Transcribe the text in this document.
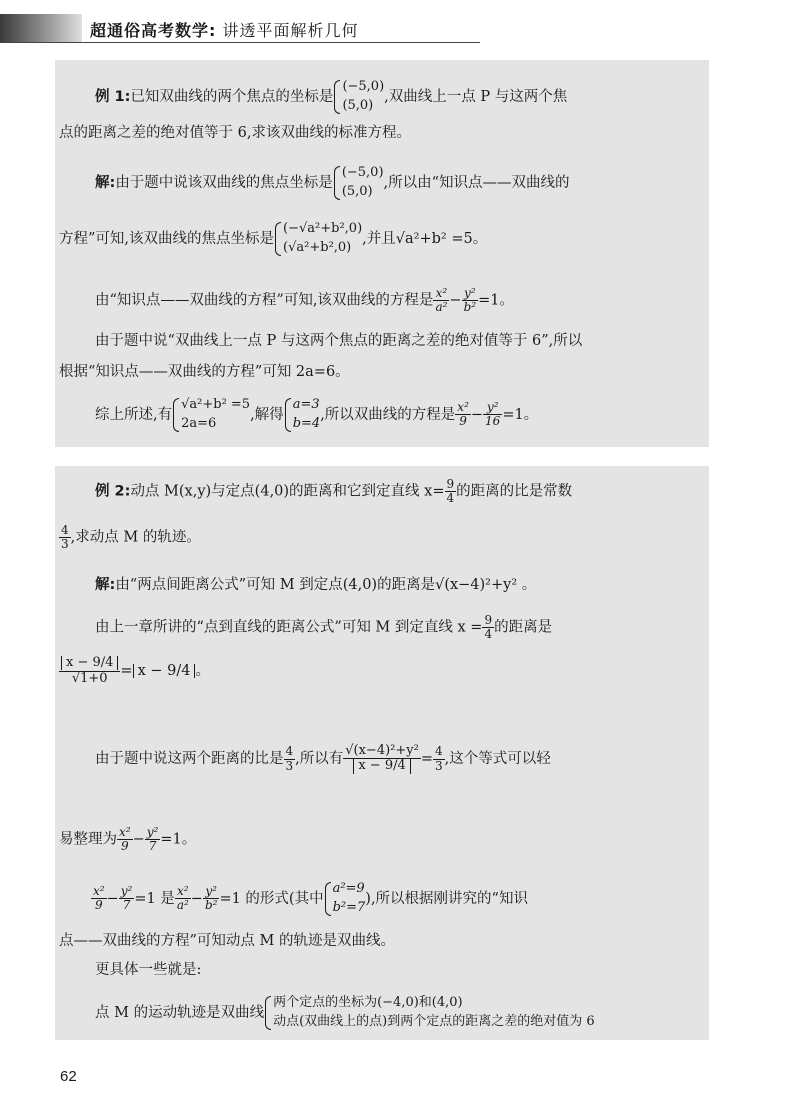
超通俗高考数学: 讲透平面解析几何
例 1:已知双曲线的两个焦点的坐标是
(−5,0)
(5,0)
,双曲线上一点 P 与这两个焦
点的距离之差的绝对值等于 6,求该双曲线的标准方程。
解:由于题中说该双曲线的焦点坐标是
(−5,0)
(5,0)
,所以由“知识点——双曲线的
方程”可知,该双曲线的焦点坐标是
(−√a²+b²,0)
(√a²+b²,0)
,并且√a²+b² =5。
由“知识点——双曲线的方程”可知,该双曲线的方程是 $\frac{\text{x²}}{\text{a²}} - \frac{\text{y²}}{\text{b²}} =1$。
由于题中说“双曲线上一点 P 与这两个焦点的距离之差的绝对值等于 6”,所以
根据“知识点——双曲线的方程”可知 2a=6。
综上所述,有
√a²+b² =5
2a=6
,解得
a=3
b=4
,所以双曲线的方程是 $\frac{\text{x²}}{9} - \frac{\text{y²}}{16} =1$。
例 2:动点 M(x,y)与定点(4,0)的距离和它到定直线 $x= \frac{9}{4}$ 的距离的比是常数
$\frac{4}{3}$ ,求动点 M 的轨迹。
解:由“两点间距离公式”可知 M 到定点(4,0)的距离是√(x−4)²+y² 。
由上一章所讲的“点到直线的距离公式”可知 M 到定直线 $x = \frac{9}{4}$ 的距离是
$\frac{x - 9/4}{√1+0} = x - 9/4$ 。
由于题中说这两个距离的比是 $\frac{4}{3}$ ,所以有 $\frac{\text{√(x−4)²+y²}}{x - 9/4} = \frac{4}{3}$ ,这个等式可以轻
易整理为 $\frac{\text{x²}}{9} - \frac{\text{y²}}{7} =1$。
$\frac{\text{x²}}{9} - \frac{\text{y²}}{7} =1$ 是 $\frac{\text{x²}}{\text{a²}} - \frac{\text{y²}}{\text{b²}} =1$ 的形式(其中
a²=9
b²=7
),所以根据刚讲究的“知识
点——双曲线的方程”可知动点 M 的轨迹是双曲线。
更具体一些就是:
点 M 的运动轨迹是双曲线
两个定点的坐标为(−4,0)和(4,0)
动点(双曲线上的点)到两个定点的距离之差的绝对值为 6
62
